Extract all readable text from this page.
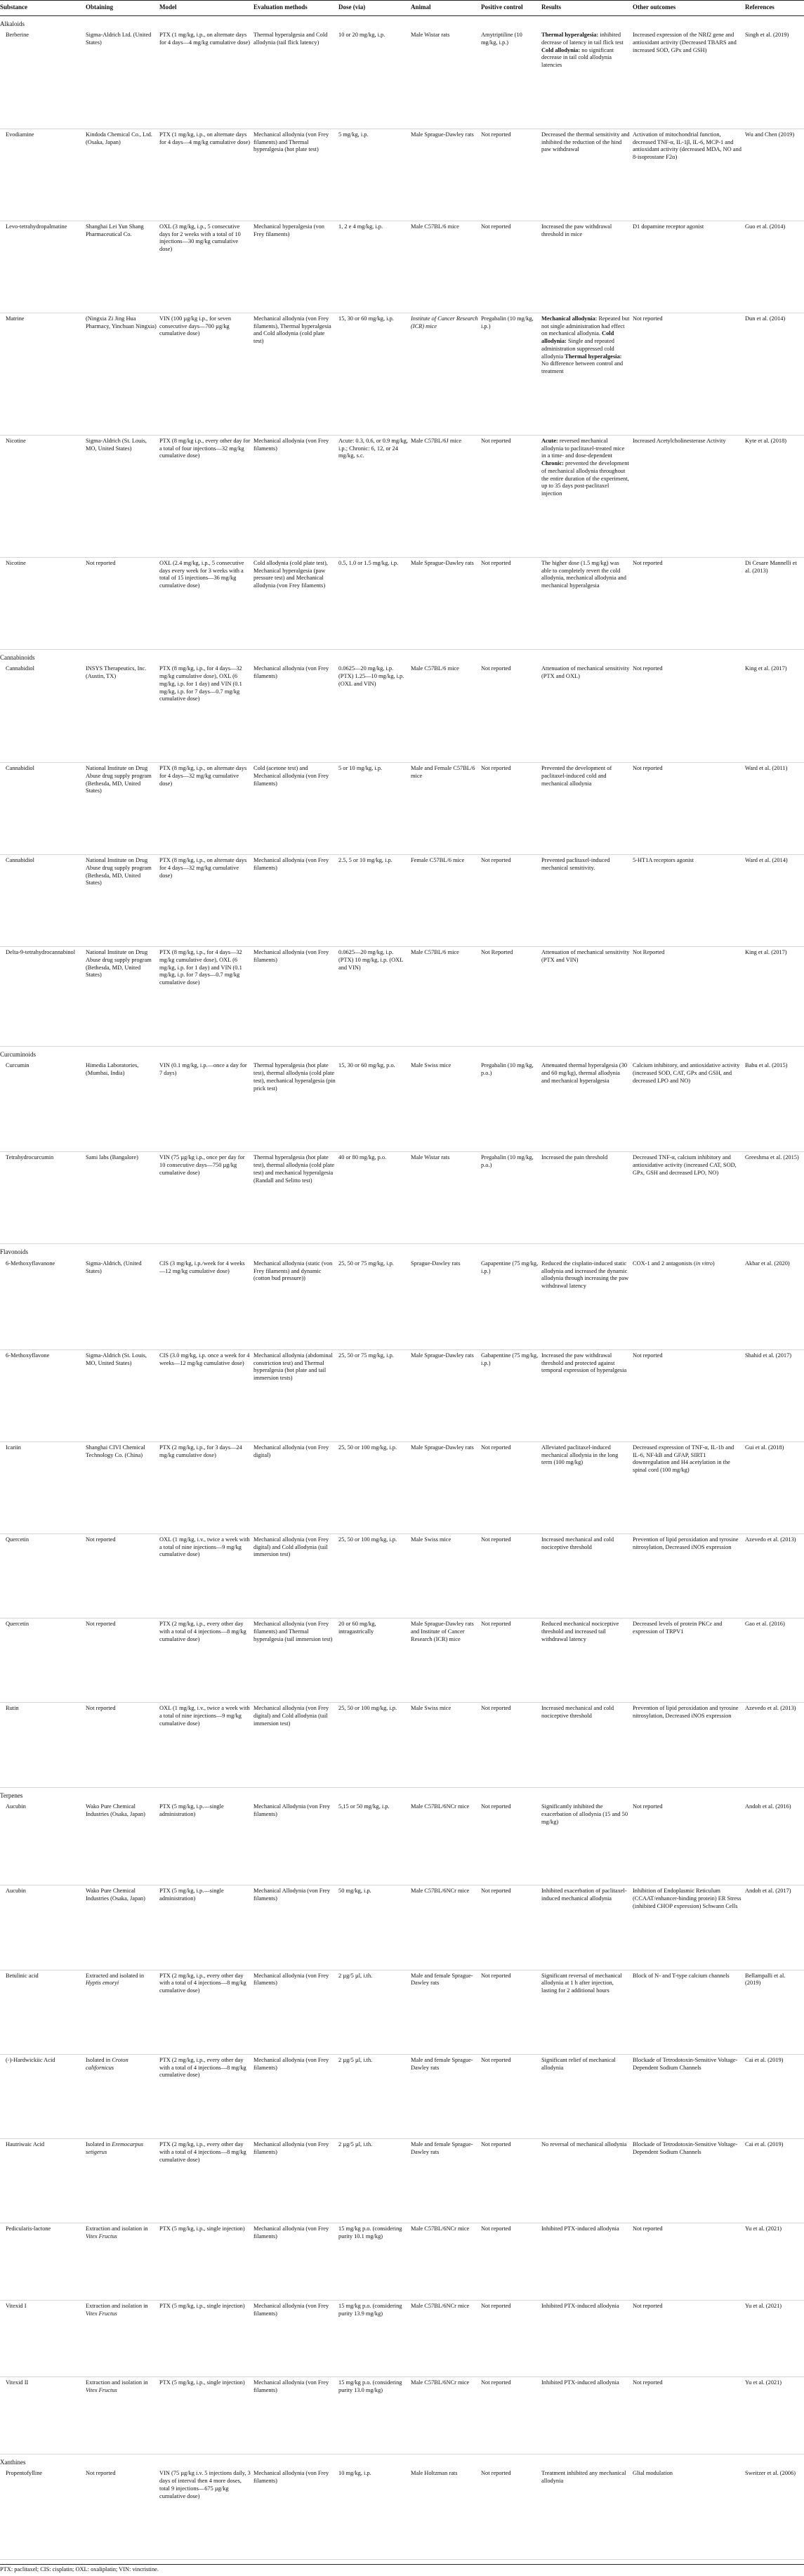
Substance	Obtaining	Model	Evaluation methods	Dose (via)	Animal	Positive control	Results	Other outcomes	References
Alkaloids									
Berberine	Sigma-Aldrich Ltd. (United States)	PTX (1 mg/kg, i.p., on alternate days for 4 days—4 mg/kg cumulative dose)	Thermal hyperalgesia and Cold allodynia (tail flick latency)	10 or 20 mg/kg, i.p.	Male Wistar rats	Amytriptiline (10 mg/kg, i.p.)	Thermal hyperalgesia: inhibited decrease of latency in tail flick test Cold allodynia: no significant decrease in tail cold allodynia latencies	Increased expression of the NRf2 gene and antioxidant activity (Decreased TBARS and increased SOD, GPx and GSH)	Singh et al. (2019)
Evodiamine	Kindoda Chemical Co., Ltd. (Osaka, Japan)	PTX (1 mg/kg, i.p., on alternate days for 4 days—4 mg/kg cumulative dose)	Mechanical allodynia (von Frey filaments) and Thermal hyperalgesia (hot plate test)	5 mg/kg, i.p.	Male Sprague-Dawley rats	Not reported	Decreased the thermal sensitivity and inhibited the reduction of the hind paw withdrawal	Activation of mitochondrial function, decreased TNF-α, IL-1β, IL-6, MCP-1 and antioxidant activity (decreased MDA, NO and 8-isoprostane F2α)	Wu and Chen (2019)
Levo-tetrahydropalmatine	Shanghai Lei Yun Shang Pharmaceutical Co.	OXL (3 mg/kg, i.p., 5 consecutive days for 2 weeks with a total of 10 injections—30 mg/kg cumulative dose)	Mechanical hyperalgesia (von Frey filaments)	1, 2 e 4 mg/kg, i.p.	Male C57BL/6 mice	Not reported	Increased the paw withdrawal threshold in mice	D1 dopamine receptor agonist	Guo et al. (2014)
Matrine	(Ningxia Zi Jing Hua Pharmacy, Yinchuan Ningxia)	VIN (100 µg/kg i.p., for seven consecutive days—700 µg/kg cumulative dose)	Mechanical allodynia (von Frey filaments), Thermal hyperalgesia and Cold allodynia (cold plate test)	15, 30 or 60 mg/kg, i.p.	Institute of Cancer Research (ICR) mice	Pregabalin (10 mg/kg, i.p.)	Mechanical allodynia: Repeated but not single administration had effect on mechanical allodynia. Cold allodynia: Single and repeated administration suppressed cold allodynia Thermal hyperalgesia: No difference between control and treatment	Not reported	Dun et al. (2014)
Nicotine	Sigma-Aldrich (St. Louis, MO, United States)	PTX (8 mg/kg i.p., every other day for a total of four injections—32 mg/kg cumulative dose)	Mechanical allodynia (von Frey filaments)	Acute: 0.3, 0.6, or 0.9 mg/kg, i.p.; Chronic: 6, 12, or 24 mg/kg, s.c.	Male C57BL/6J mice	Not reported	Acute: reversed mechanical allodynia to paclitaxel-treated mice in a time- and dose-dependent Chronic: prevented the development of mechanical allodynia throughout the entire duration of the experiment, up to 35 days post-paclitaxel injection	Increased Acetylcholinesterase Activity	Kyte et al. (2018)
Nicotine	Not reported	OXL (2.4 mg/kg, i.p., 5 consecutive days every week for 3 weeks with a total of 15 injections—36 mg/kg cumulative dose)	Cold allodynia (cold plate test), Mechanical hyperalgesia (paw pressure test) and Mechanical allodynia (von Frey filaments)	0.5, 1.0 or 1.5 mg/kg, i.p.	Male Sprague-Dawley rats	Not reported	The higher dose (1.5 mg/kg) was able to completely revert the cold allodynia, mechanical allodynia and mechanical hyperalgesia	Not reported	Di Cesare Mannelli et al. (2013)
Cannabinoids									
Cannabidiol	INSYS Therapeutics, Inc. (Austin, TX)	PTX (8 mg/kg, i.p., for 4 days—32 mg/kg cumulative dose), OXL (6 mg/kg, i.p. for 1 day) and VIN (0.1 mg/kg, i.p. for 7 days—0.7 mg/kg cumulative dose)	Mechanical allodynia (von Frey filaments)	0.0625—20 mg/kg, i.p. (PTX) 1.25—10 mg/kg, i.p. (OXL and VIN)	Male C57BL/6 mice	Not reported	Attenuation of mechanical sensitivity (PTX and OXL)	Not reported	King et al. (2017)
Cannabidiol	National Institute on Drug Abuse drug supply program (Bethesda, MD, United States)	PTX (8 mg/kg, i.p., on alternate days for 4 days—32 mg/kg cumulative dose)	Cold (acetone test) and Mechanical allodynia (von Frey filaments)	5 or 10 mg/kg, i.p.	Male and Female C57BL/6 mice	Not reported	Prevented the development of paclitaxel-induced cold and mechanical allodynia	Not reported	Ward et al. (2011)
Cannabidiol	National Institute on Drug Abuse drug supply program (Bethesda, MD, United States)	PTX (8 mg/kg, i.p., on alternate days for 4 days—32 mg/kg cumulative dose)	Mechanical allodynia (von Frey filaments)	2.5, 5 or 10 mg/kg, i.p.	Female C57BL/6 mice	Not reported	Prevented paclitaxel-induced mechanical sensitivity.	5-HT1A receptors agonist	Ward et al. (2014)
Delta-9-tetrahydrocannabinol	National Institute on Drug Abuse drug supply program (Bethesda, MD, United States)	PTX (8 mg/kg, i.p., for 4 days—32 mg/kg cumulative dose), OXL (6 mg/kg, i.p. for 1 day) and VIN (0.1 mg/kg, i.p. for 7 days—0.7 mg/kg cumulative dose)	Mechanical allodynia (von Frey filaments)	0.0625—20 mg/kg, i.p. (PTX) 10 mg/kg, i.p. (OXL and VIN)	Male C57BL/6 mice	Not Reported	Attenuation of mechanical sensitivity (PTX and VIN)	Not Reported	King et al. (2017)
Curcuminoids									
Curcumin	Himedia Laboratories, (Mumbai, India)	VIN (0.1 mg/kg, i.p.—once a day for 7 days)	Thermal hyperalgesia (hot plate test), thermal allodynia (cold plate test), mechanical hyperalgesia (pin prick test)	15, 30 or 60 mg/kg, p.o.	Male Swiss mice	Pregabalin (10 mg/kg, p.o.)	Attenuated thermal hyperalgesia (30 and 60 mg/kg), thermal allodynia and mechanical hyperalgesia	Calcium inhibitory, and antioxidative activity (increased SOD, CAT, GPx and GSH, and decreased LPO and NO)	Babu et al. (2015)
Tetrahydrocurcumin	Sami labs (Bangalore)	VIN (75 µg/kg i.p., once per day for 10 consecutive days—750 µg/kg cumulative dose)	Thermal hyperalgesia (hot plate test), thermal allodynia (cold plate test) and mechanical hyperalgesia (Randall and Selitto test)	40 or 80 mg/kg, p.o.	Male Wistar rats	Pregabalin (10 mg/kg, p.o.)	Increased the pain threshold	Decreased TNF-α, calcium inhibitory and antioxidative activity (increased CAT, SOD, GPx, GSH and decreased LPO, NO)	Greeshma et al. (2015)
Flavonoids									
6-Methoxyflavanone	Sigma-Aldrich, (United States)	CIS (3 mg/kg, i.p./week for 4 weeks—12 mg/kg cumulative dose)	Mechanical allodynia (static (von Frey filaments) and dynamic (cotton bud pressure))	25, 50 or 75 mg/kg, i.p.	Sprague-Dawley rats	Gapapentine (75 mg/kg, i.p.)	Reduced the cisplatin-induced static allodynia and increased the dynamic allodynia through increasing the paw withdrawal latency	COX-1 and 2 antagonists (in vitro)	Akbar et al. (2020)
6-Methoxyflavone	Sigma-Aldrich (St. Louis, MO, United States)	CIS (3.0 mg/kg, i.p. once a week for 4 weeks—12 mg/kg cumulative dose)	Mechanical allodynia (abdominal constriction test) and Thermal hyperalgesia (hot plate and tail immersion tests)	25, 50 or 75 mg/kg, i.p.	Male Sprague-Dawley rats	Gabapentine (75 mg/kg, i.p.)	Increased the paw withdrawal threshold and protected against temporal expression of hyperalgesia	Not reported	Shahid et al. (2017)
Icariin	Shanghai CIVI Chemical Technology Co. (China)	PTX (2 mg/kg, i.p., for 3 days—24 mg/kg cumulative dose)	Mechanical allodynia (von Frey digital)	25, 50 or 100 mg/kg, i.p.	Male Sprague-Dawley rats	Not reported	Alleviated paclitaxel-induced mechanical allodynia in the long term (100 mg/kg)	Decreased expression of TNF-α, IL-1b and IL-6, NF-kB and GFAP, SIRT1 downregulation and H4 acetylation in the spinal cord (100 mg/kg)	Gui et al. (2018)
Quercetin	Not reported	OXL (1 mg/kg, i.v., twice a week with a total of nine injections—9 mg/kg cumulative dose)	Mechanical allodynia (von Frey digital) and Cold allodynia (tail immersion test)	25, 50 or 100 mg/kg, i.p.	Male Swiss mice	Not reported	Increased mechanical and cold nociceptive threshold	Prevention of lipid peroxidation and tyrosine nitrosylation, Decreased iNOS expression	Azevedo et al. (2013)
Quercetin	Not reported	PTX (2 mg/kg, i.p., every other day with a total of 4 injections—8 mg/kg cumulative dose)	Mechanical allodynia (von Frey filaments) and Thermal hyperalgesia (tail immersion test)	20 or 60 mg/kg, intragastrically	Male Sprague-Dawley rats and Institute of Cancer Research (ICR) mice	Not reported	Reduced mechanical nociceptive threshold and increased tail withdrawal latency	Decreased levels of protein PKCε and expression of TRPV1	Gao et al. (2016)
Rutin	Not reported	OXL (1 mg/kg, i.v., twice a week with a total of nine injections—9 mg/kg cumulative dose)	Mechanical allodynia (von Frey digital) and Cold allodynia (tail immersion test)	25, 50 or 100 mg/kg, i.p.	Male Swiss mice	Not reported	Increased mechanical and cold nociceptive threshold	Prevention of lipid peroxidation and tyrosine nitrosylation, Decreased iNOS expression	Azevedo et al. (2013)
Terpenes									
Aucubin	Wako Pure Chemical Industries (Osaka, Japan)	PTX (5 mg/kg, i.p.—single administration)	Mechanical Allodynia (von Frey filaments)	5,15 or 50 mg/kg, i.p.	Male C57BL/6NCr mice	Not reported	Significantly inhibited the exacerbation of allodynia (15 and 50 mg/kg)	Not reported	Andoh et al. (2016)
Aucubin	Wako Pure Chemical Industries (Osaka, Japan)	PTX (5 mg/kg, i.p.—single administration)	Mechanical Allodynia (von Frey filaments)	50 mg/kg, i.p.	Male C57BL/6NCr mice	Not reported	Inhibited exacerbation of paclitaxel-induced mechanical allodynia	Inhibition of Endoplasmic Reticulum (CCAAT/enhancer-binding protein) ER Stress (inhibited CHOP expression) Schwann Cells	Andoh et al. (2017)
Betulinic acid	Extracted and isolated in Hyptis emoryi	PTX (2 mg/kg, i.p., every other day with a total of 4 injections—8 mg/kg cumulative dose)	Mechanical allodynia (von Frey filaments)	2 µg/5 µl, i.th.	Male and female Sprague-Dawley rats	Not reported	Significant reversal of mechanical allodynia at 1 h after injection, lasting for 2 additional hours	Block of N- and T-type calcium channels	Bellampalli et al. (2019)
(-)-Hardwickiic Acid	Isolated in Croton californicus	PTX (2 mg/kg, i.p., every other day with a total of 4 injections—8 mg/kg cumulative dose)	Mechanical allodynia (von Frey filaments)	2 µg/5 µl, i.th.	Male and female Sprague-Dawley rats	Not reported	Significant relief of mechanical allodynia	Blockade of Tetrodotoxin-Sensitive Voltage-Dependent Sodium Channels	Cai et al. (2019)
Hautriwaic Acid	Isolated in Eremocarpus setigerus	PTX (2 mg/kg, i.p., every other day with a total of 4 injections—8 mg/kg cumulative dose)	Mechanical allodynia (von Frey filaments)	2 µg/5 µl, i.th.	Male and female Sprague-Dawley rats	Not reported	No reversal of mechanical allodynia	Blockade of Tetrodotoxin-Sensitive Voltage-Dependent Sodium Channels	Cai et al. (2019)
Pedicularis-lactone	Extraction and isolation in Vitex Fructus	PTX (5 mg/kg, i.p., single injection)	Mechanical allodynia (von Frey filaments)	15 mg/kg p.o. (considering purity 10.1 mg/kg)	Male C57BL/6NCr mice	Not reported	Inhibited PTX-induced allodynia	Not reported	Yu et al. (2021)
Vitexid I	Extraction and isolation in Vitex Fructus	PTX (5 mg/kg, i.p., single injection)	Mechanical allodynia (von Frey filaments)	15 mg/kg p.o. (considering purity 13.9 mg/kg)	Male C57BL/6NCr mice	Not reported	Inhibited PTX-induced allodynia	Not reported	Yu et al. (2021)
Vitexid II	Extraction and isolation in Vitex Fructus	PTX (5 mg/kg, i.p., single injection)	Mechanical allodynia (von Frey filaments)	15 mg/kg p.o. (considering purity 13.0 mg/kg)	Male C57BL/6NCr mice	Not reported	Inhibited PTX-induced allodynia	Not reported	Yu et al. (2021)
Xanthines									
Propentofylline	Not reported	VIN (75 µg/kg i.v. 5 injections daily, 3 days of interval then 4 more doses, total 9 injections—675 µg/kg cumulative dose)	Mechanical allodynia (von Frey filaments)	10 mg/kg, i.p.	Male Holtzman rats	Not reported	Treatment inhibited any mechanical allodynia	Glial modulation	Sweitzer et al. (2006)
PTX: paclitaxel; CIS: cisplatin; OXL: oxaliplatin; VIN: vincristine.
